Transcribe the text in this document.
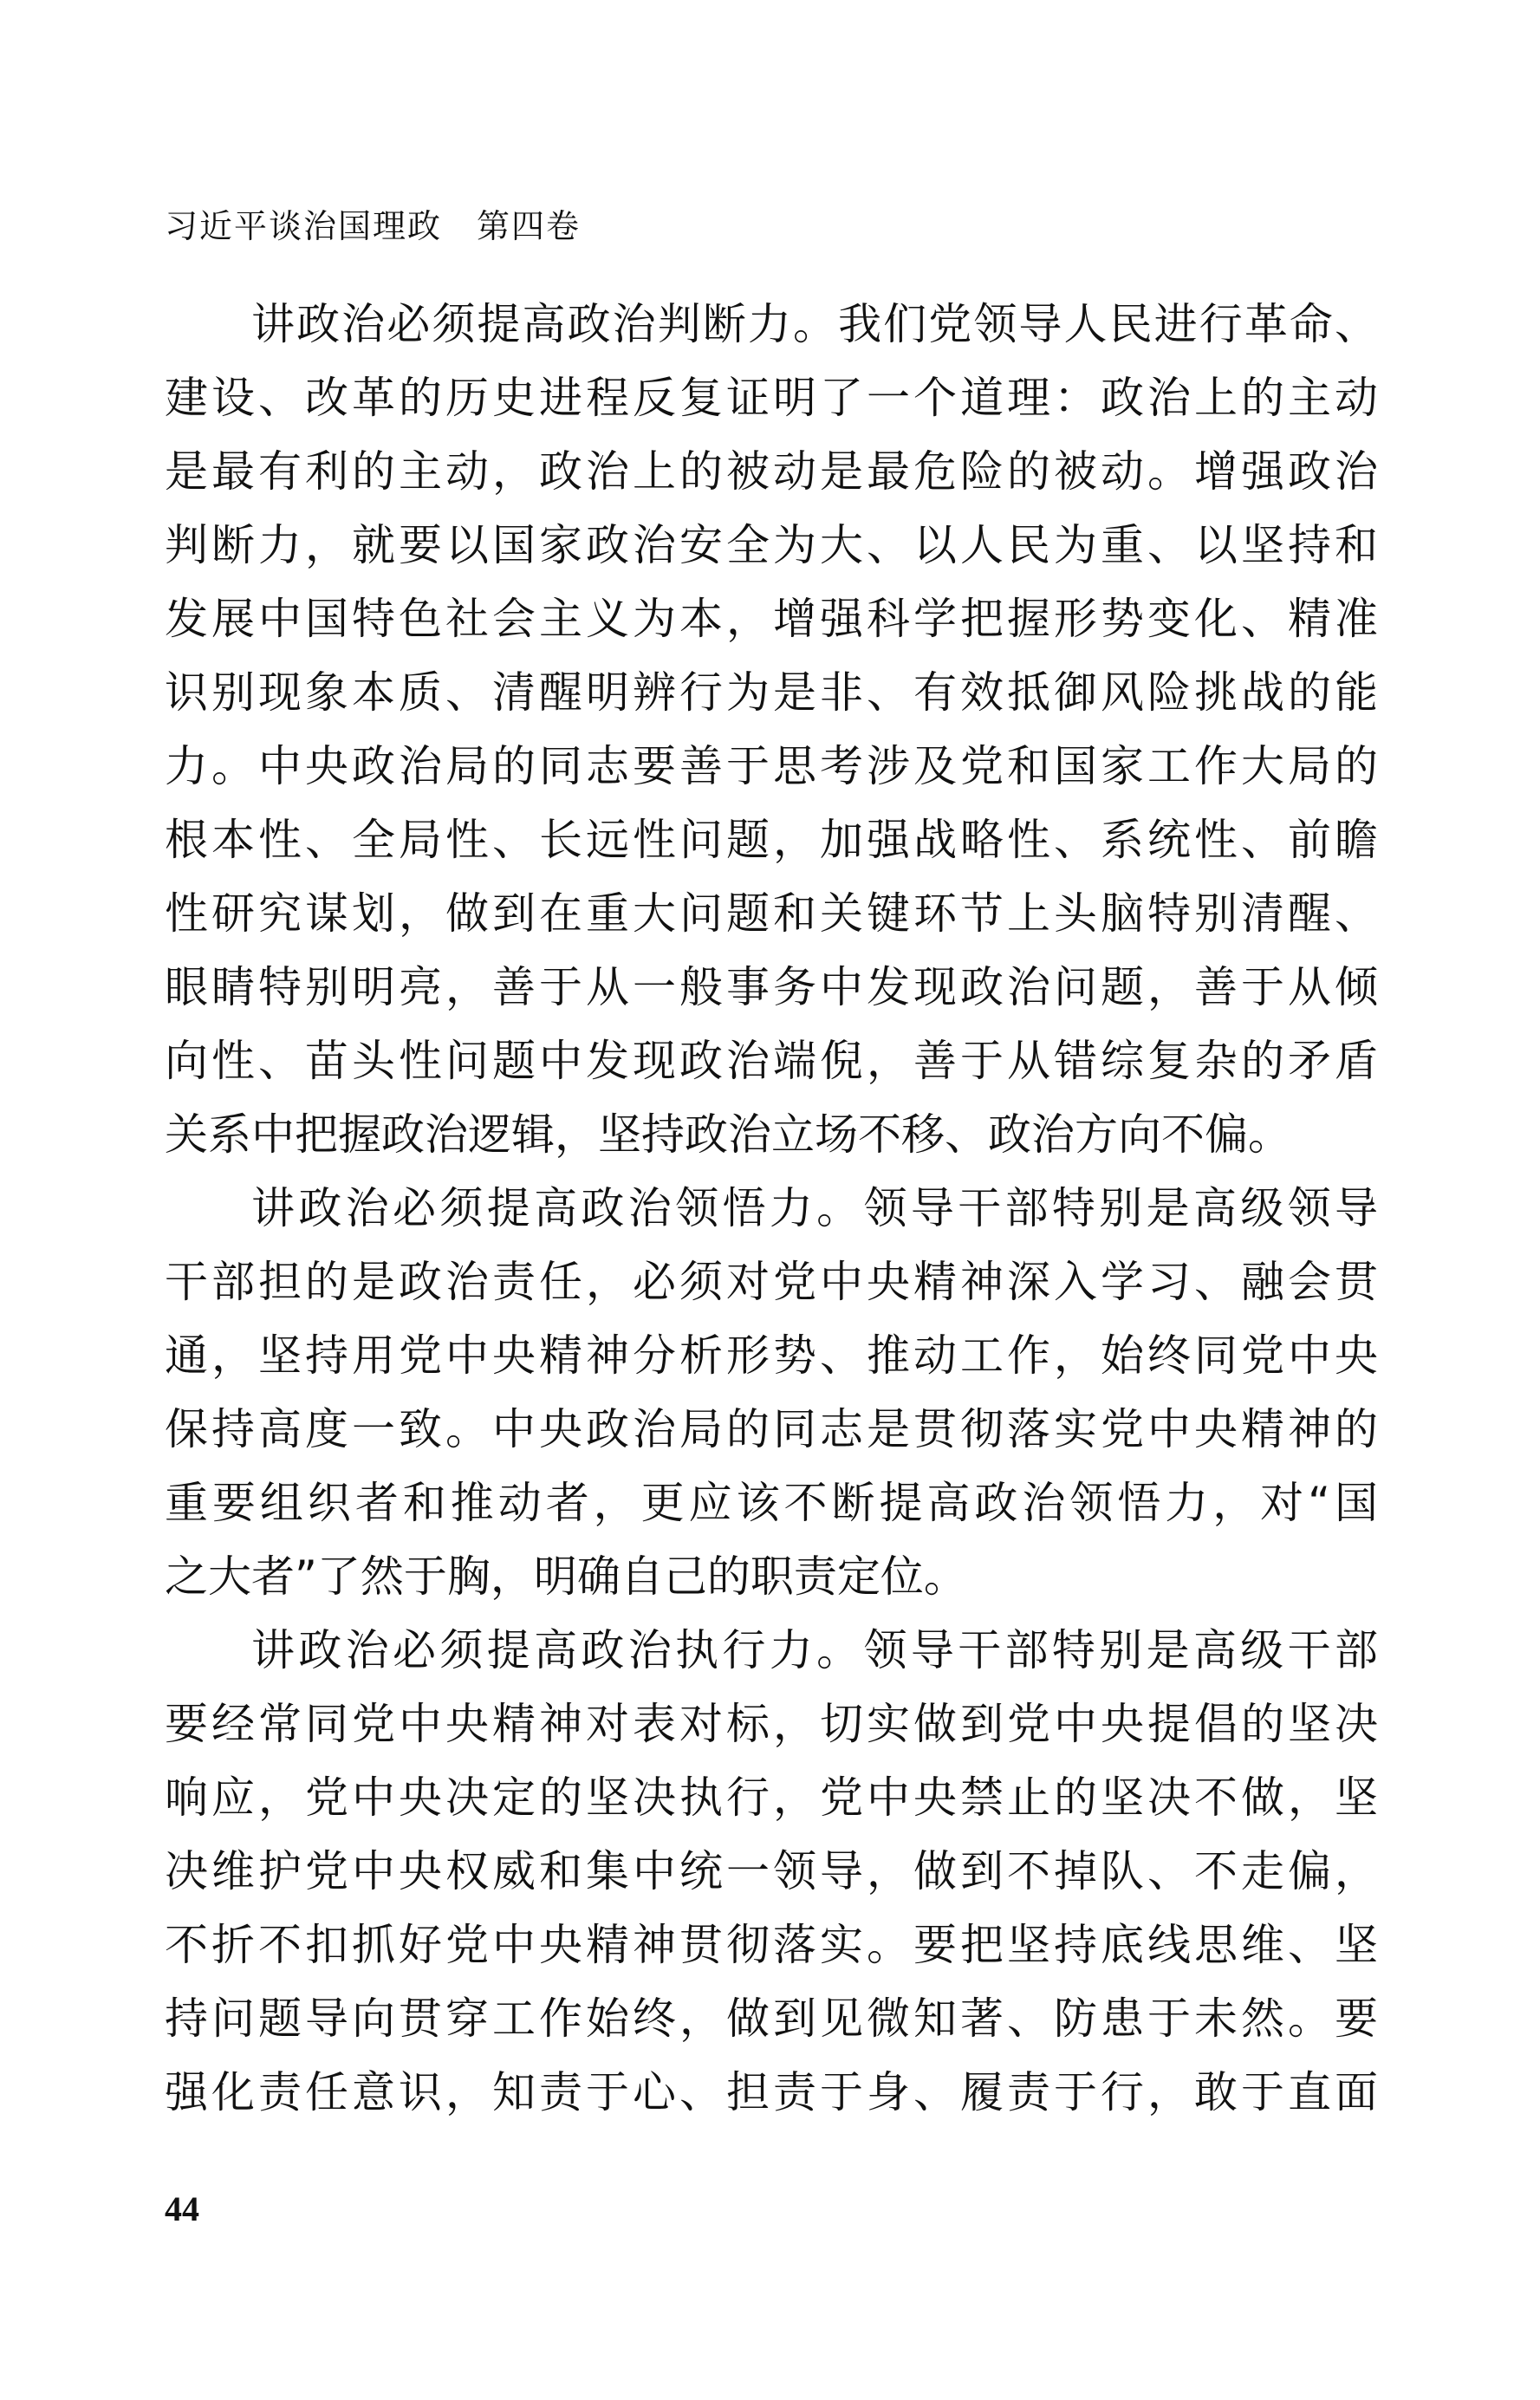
习近平谈治国理政　第四卷
讲政治必须提高政治判断力。我们党领导人民进行革命、
建设、改革的历史进程反复证明了一个道理：政治上的主动
是最有利的主动，政治上的被动是最危险的被动。增强政治
判断力，就要以国家政治安全为大、以人民为重、以坚持和
发展中国特色社会主义为本，增强科学把握形势变化、精准
识别现象本质、清醒明辨行为是非、有效抵御风险挑战的能
力。中央政治局的同志要善于思考涉及党和国家工作大局的
根本性、全局性、长远性问题，加强战略性、系统性、前瞻
性研究谋划，做到在重大问题和关键环节上头脑特别清醒、
眼睛特别明亮，善于从一般事务中发现政治问题，善于从倾
向性、苗头性问题中发现政治端倪，善于从错综复杂的矛盾
关系中把握政治逻辑，坚持政治立场不移、政治方向不偏。
讲政治必须提高政治领悟力。领导干部特别是高级领导
干部担的是政治责任，必须对党中央精神深入学习、融会贯
通，坚持用党中央精神分析形势、推动工作，始终同党中央
保持高度一致。中央政治局的同志是贯彻落实党中央精神的
重要组织者和推动者，更应该不断提高政治领悟力，对“国
之大者”了然于胸，明确自己的职责定位。
讲政治必须提高政治执行力。领导干部特别是高级干部
要经常同党中央精神对表对标，切实做到党中央提倡的坚决
响应，党中央决定的坚决执行，党中央禁止的坚决不做，坚
决维护党中央权威和集中统一领导，做到不掉队、不走偏，
不折不扣抓好党中央精神贯彻落实。要把坚持底线思维、坚
持问题导向贯穿工作始终，做到见微知著、防患于未然。要
强化责任意识，知责于心、担责于身、履责于行，敢于直面
44
